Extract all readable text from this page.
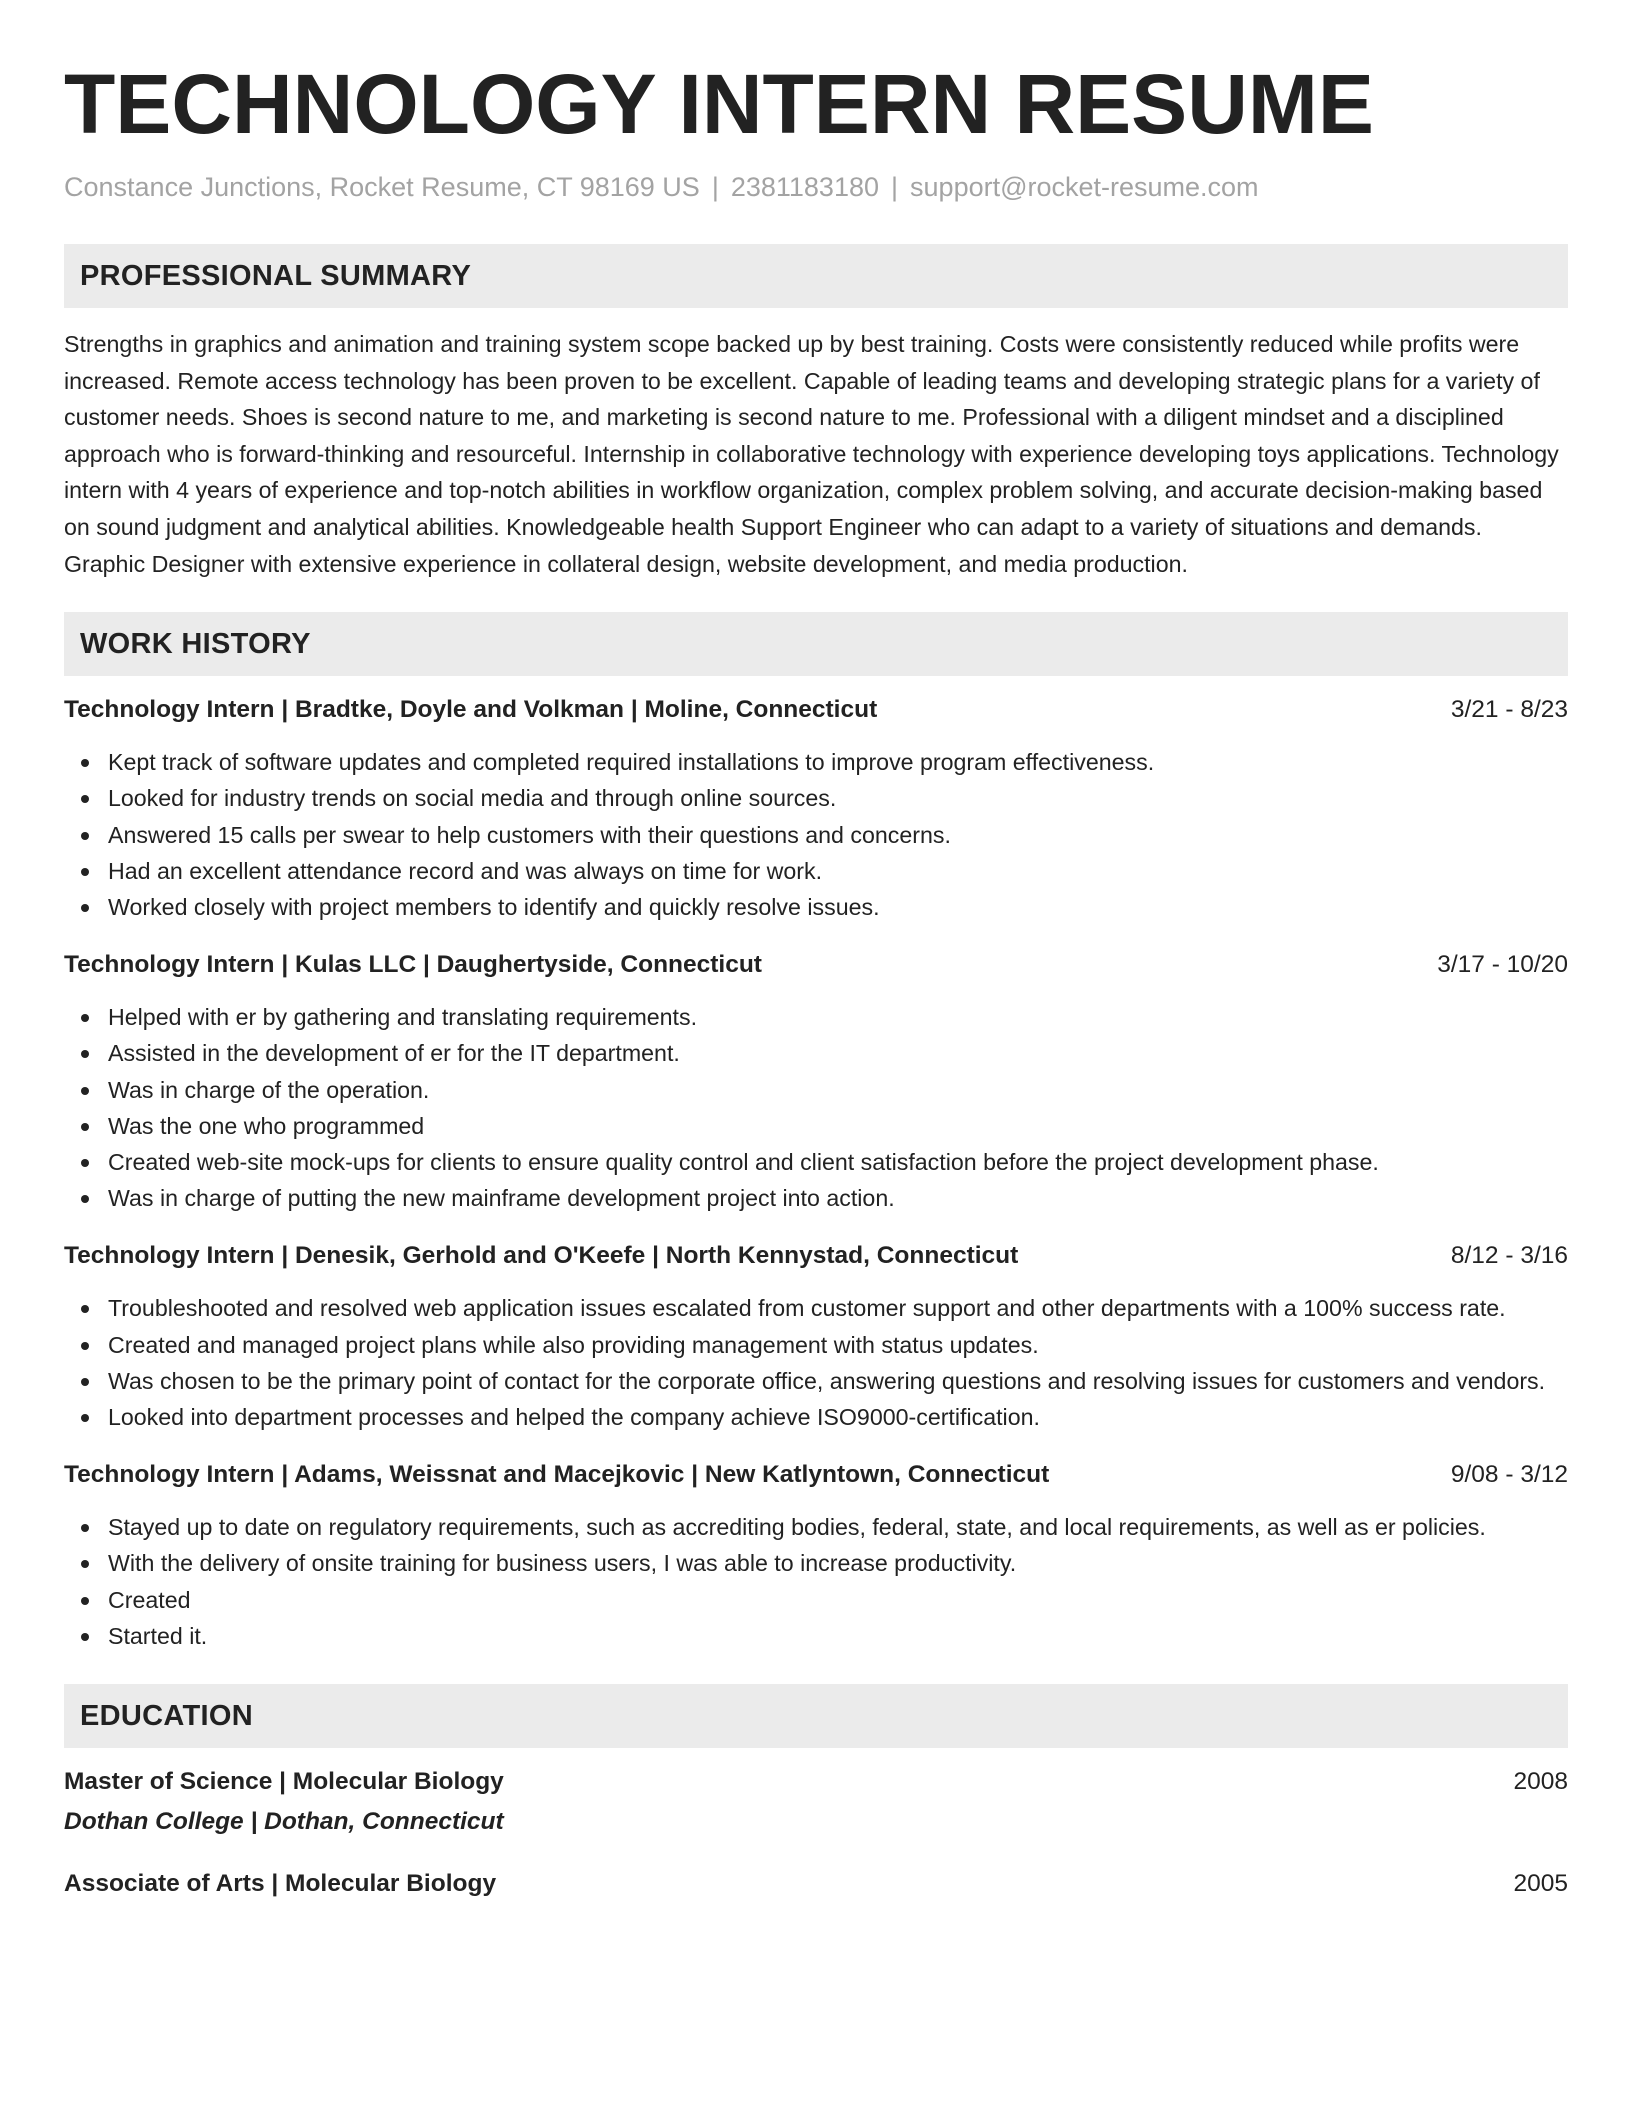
TECHNOLOGY INTERN RESUME
Constance Junctions, Rocket Resume, CT 98169 US | 2381183180 | support@rocket-resume.com
PROFESSIONAL SUMMARY

Strengths in graphics and animation and training system scope backed up by best training. Costs were consistently reduced while profits were increased. Remote access technology has been proven to be excellent. Capable of leading teams and developing strategic plans for a variety of customer needs. Shoes is second nature to me, and marketing is second nature to me. Professional with a diligent mindset and a disciplined approach who is forward-thinking and resourceful. Internship in collaborative technology with experience developing toys applications. Technology intern with 4 years of experience and top-notch abilities in workflow organization, complex problem solving, and accurate decision-making based on sound judgment and analytical abilities. Knowledgeable health Support Engineer who can adapt to a variety of situations and demands. Graphic Designer with extensive experience in collateral design, website development, and media production.

WORK HISTORY
Technology Intern | Bradtke, Doyle and Volkman | Moline, Connecticut	3/21 - 8/23
Kept track of software updates and completed required installations to improve program effectiveness.
Looked for industry trends on social media and through online sources.
Answered 15 calls per swear to help customers with their questions and concerns.
Had an excellent attendance record and was always on time for work.
Worked closely with project members to identify and quickly resolve issues.
Technology Intern | Kulas LLC | Daughertyside, Connecticut	3/17 - 10/20
Helped with er by gathering and translating requirements.
Assisted in the development of er for the IT department.
Was in charge of the operation.
Was the one who programmed
Created web-site mock-ups for clients to ensure quality control and client satisfaction before the project development phase.
Was in charge of putting the new mainframe development project into action.
Technology Intern | Denesik, Gerhold and O'Keefe | North Kennystad, Connecticut	8/12 - 3/16
Troubleshooted and resolved web application issues escalated from customer support and other departments with a 100% success rate.
Created and managed project plans while also providing management with status updates.
Was chosen to be the primary point of contact for the corporate office, answering questions and resolving issues for customers and vendors.
Looked into department processes and helped the company achieve ISO9000-certification.
Technology Intern | Adams, Weissnat and Macejkovic | New Katlyntown, Connecticut	9/08 - 3/12
Stayed up to date on regulatory requirements, such as accrediting bodies, federal, state, and local requirements, as well as er policies.
With the delivery of onsite training for business users, I was able to increase productivity.
Created
Started it.
EDUCATION
Master of Science | Molecular Biology	2008
Dothan College | Dothan, Connecticut
Associate of Arts | Molecular Biology	2005
